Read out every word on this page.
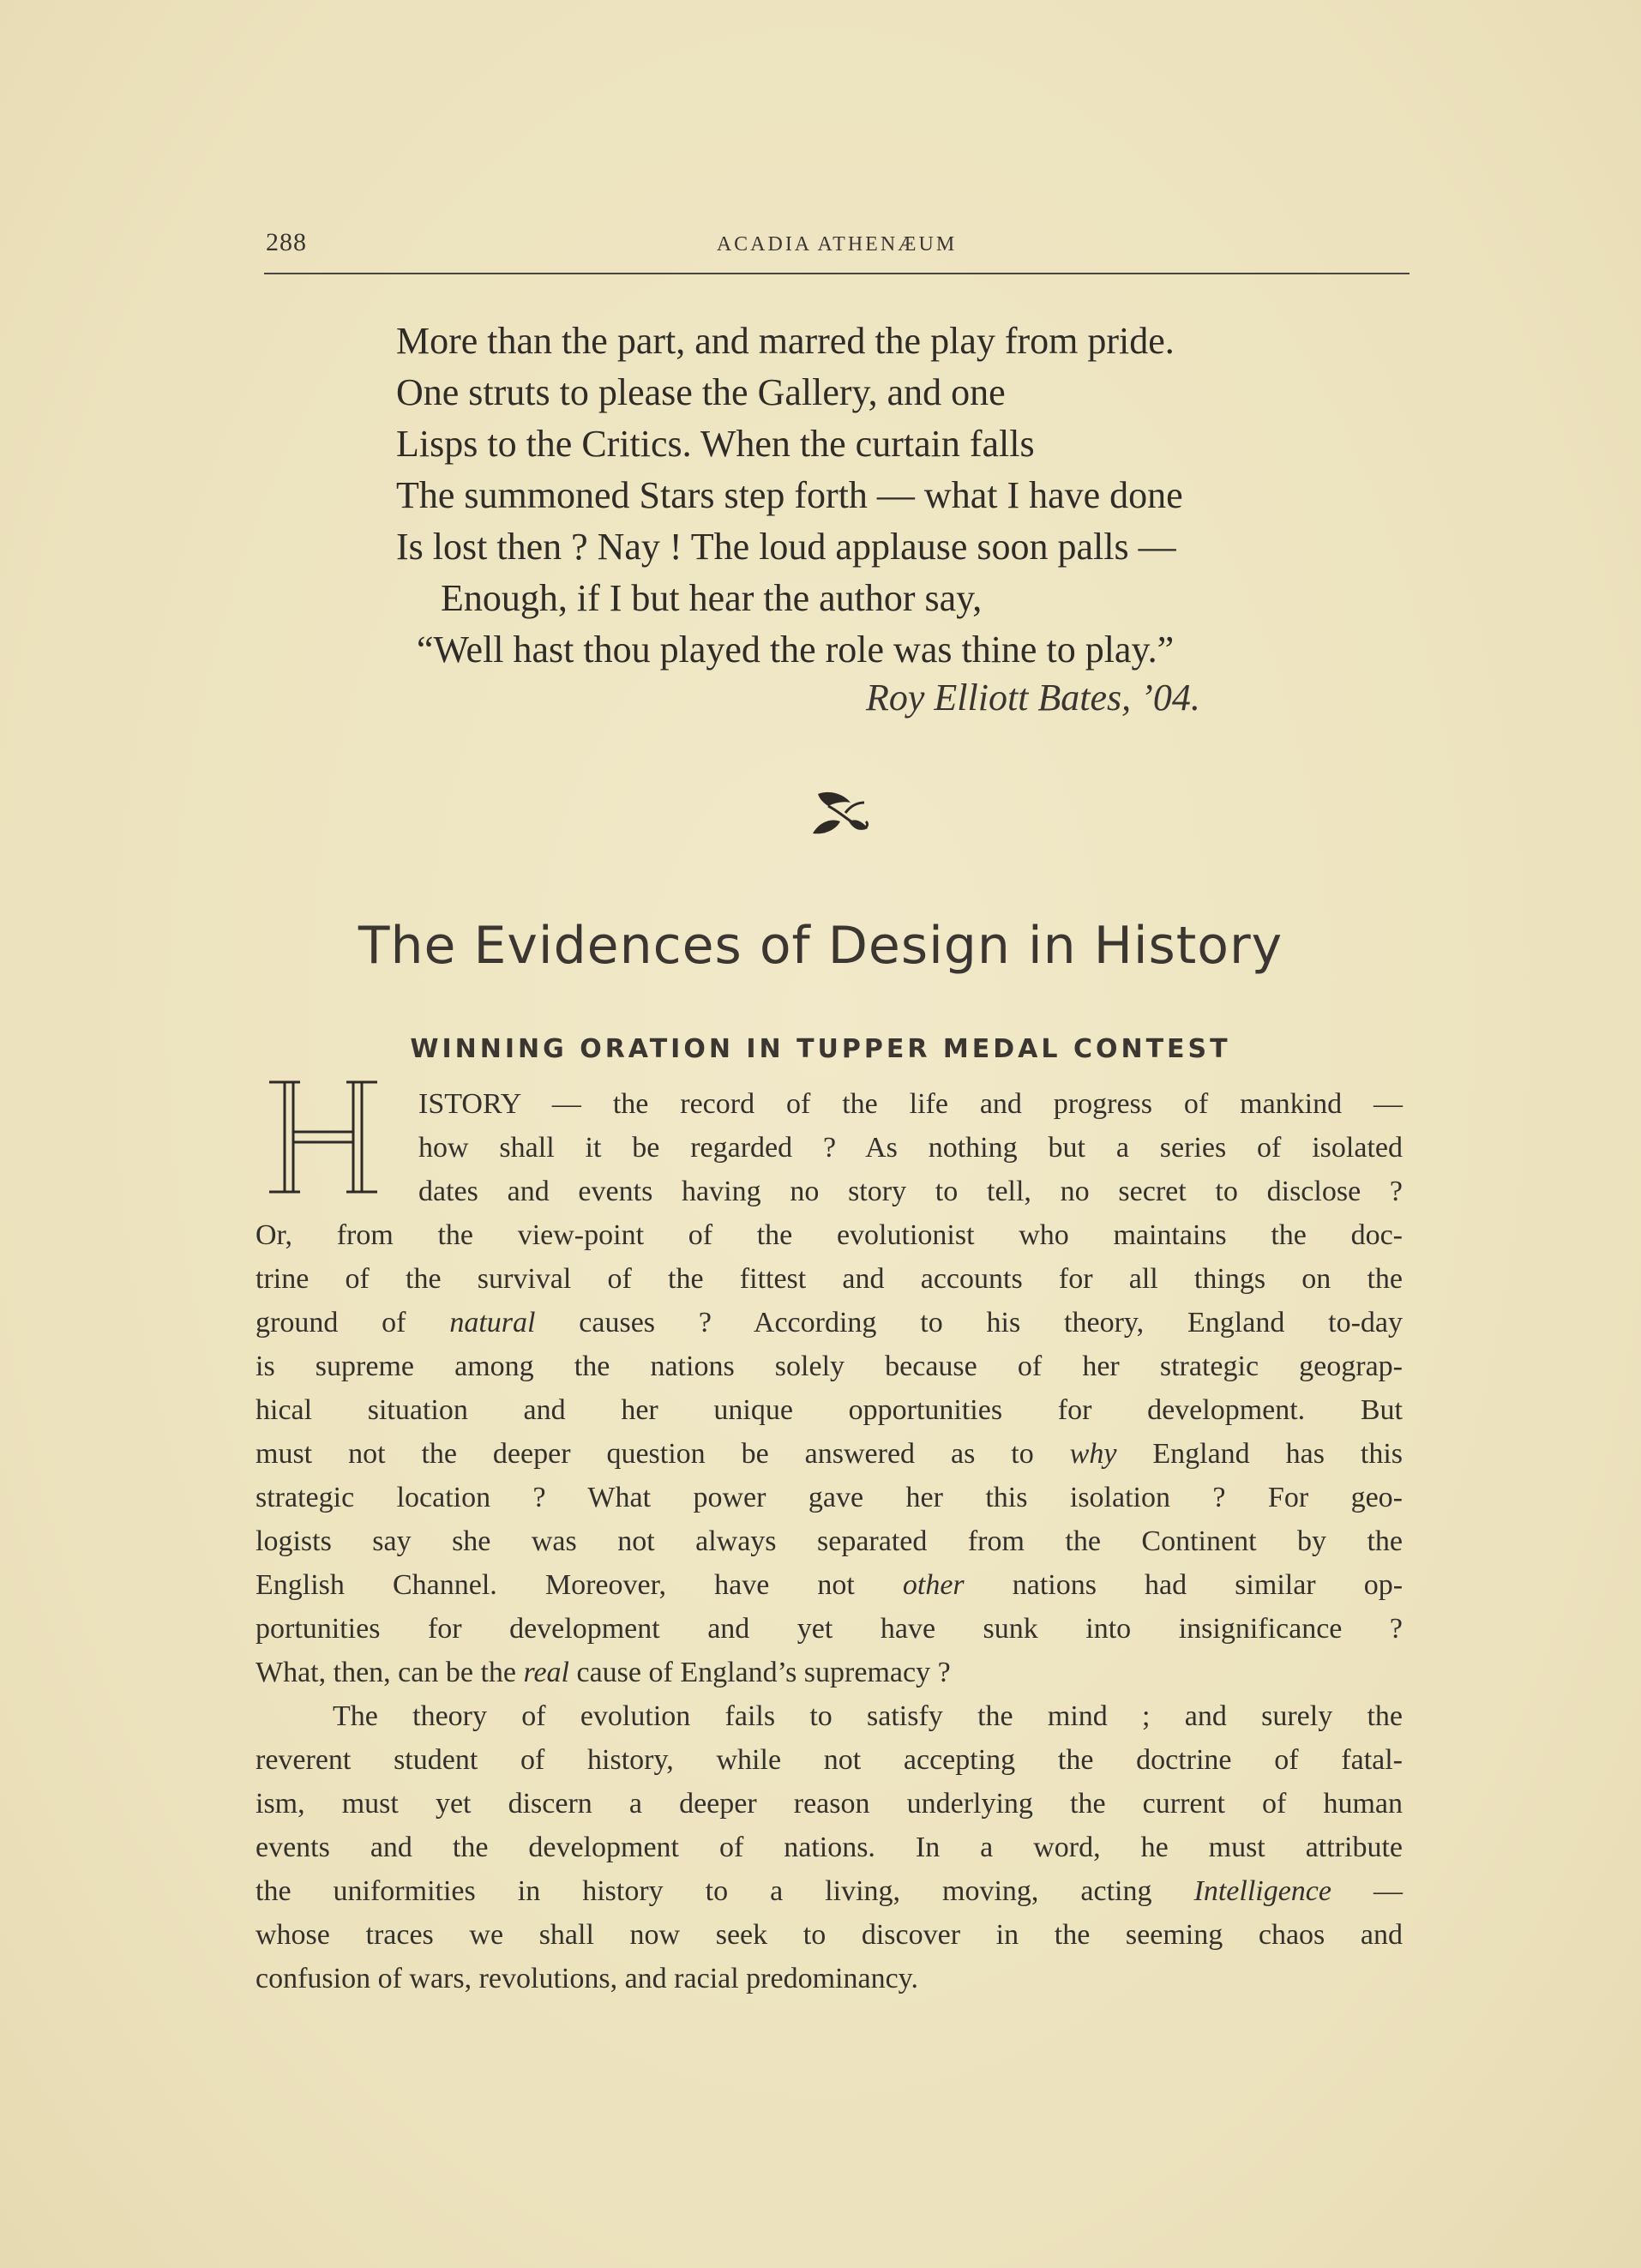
288	ACADIA ATHENÆUM
More than the part, and marred the play from pride.
One struts to please the Gallery, and one
Lisps to the Critics. When the curtain falls
The summoned Stars step forth — what I have done
Is lost then ? Nay ! The loud applause soon palls —
Enough, if I but hear the author say,
“Well hast thou played the role was thine to play.”
Roy Elliott Bates, ’04.
The Evidences of Design in History
WINNING ORATION IN TUPPER MEDAL CONTEST
ISTORY — the record of the life and progress of mankind —
how shall it be regarded ? As nothing but a series of isolated
dates and events having no story to tell, no secret to disclose ?
Or, from the view-point of the evolutionist who maintains the doc-
trine of the survival of the fittest and accounts for all things on the
ground of natural causes ? According to his theory, England to-day
is supreme among the nations solely because of her strategic geograp-
hical situation and her unique opportunities for development. But
must not the deeper question be answered as to why England has this
strategic location ? What power gave her this isolation ? For geo-
logists say she was not always separated from the Continent by the
English Channel. Moreover, have not other nations had similar op-
portunities for development and yet have sunk into insignificance ?
What, then, can be the real cause of England’s supremacy ?
The theory of evolution fails to satisfy the mind ; and surely the
reverent student of history, while not accepting the doctrine of fatal-
ism, must yet discern a deeper reason underlying the current of human
events and the development of nations. In a word, he must attribute
the uniformities in history to a living, moving, acting Intelligence —
whose traces we shall now seek to discover in the seeming chaos and
confusion of wars, revolutions, and racial predominancy.
